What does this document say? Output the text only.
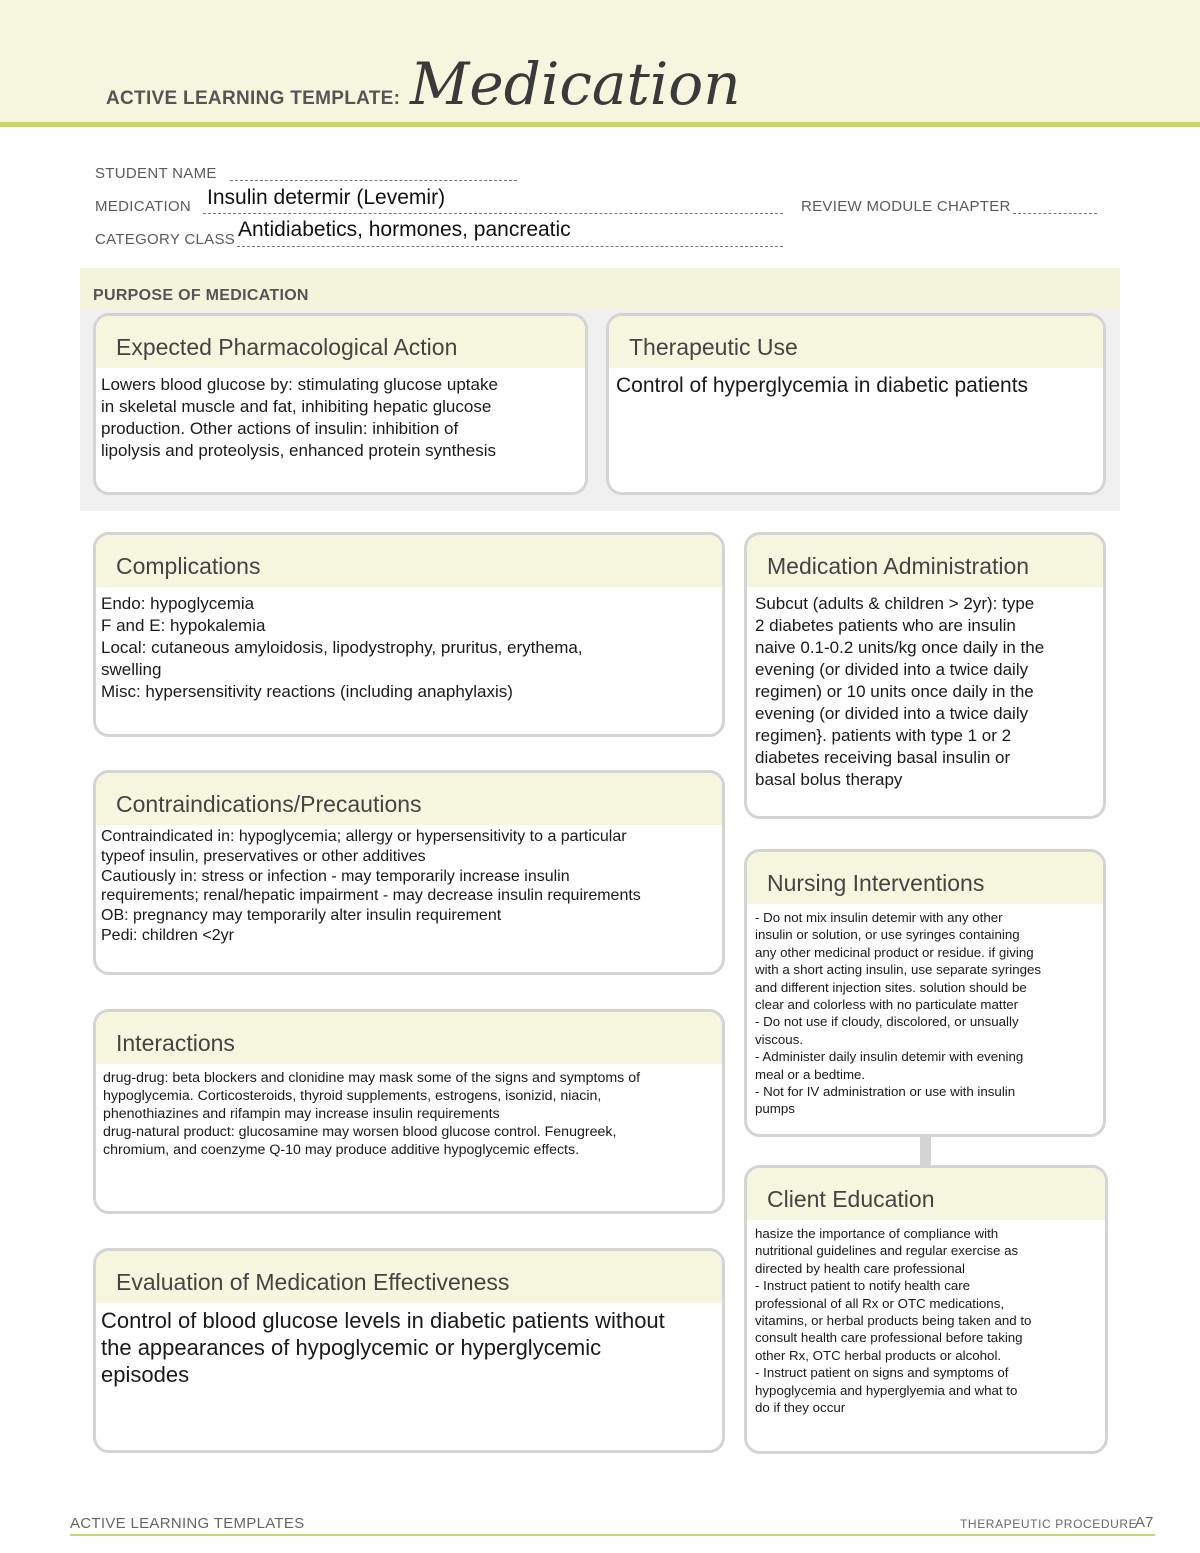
ACTIVE LEARNING TEMPLATE: Medication
STUDENT NAME
MEDICATION Insulin determir (Levemir)	REVIEW MODULE CHAPTER
CATEGORY CLASS Antidiabetics, hormones, pancreatic
PURPOSE OF MEDICATION
Expected Pharmacological Action
Lowers blood glucose by: stimulating glucose uptake
in skeletal muscle and fat, inhibiting hepatic glucose
production. Other actions of insulin: inhibition of
lipolysis and proteolysis, enhanced protein synthesis
Therapeutic Use
Control of hyperglycemia in diabetic patients
Complications
Endo: hypoglycemia
F and E: hypokalemia
Local: cutaneous amyloidosis, lipodystrophy, pruritus, erythema,
swelling
Misc: hypersensitivity reactions (including anaphylaxis)
Medication Administration
Subcut (adults & children > 2yr): type
2 diabetes patients who are insulin
naive 0.1-0.2 units/kg once daily in the
evening (or divided into a twice daily
regimen) or 10 units once daily in the
evening (or divided into a twice daily
regimen}. patients with type 1 or 2
diabetes receiving basal insulin or
basal bolus therapy
Contraindications/Precautions
Contraindicated in: hypoglycemia; allergy or hypersensitivity to a particular
typeof insulin, preservatives or other additives
Cautiously in: stress or infection - may temporarily increase insulin
requirements; renal/hepatic impairment - may decrease insulin requirements
OB: pregnancy may temporarily alter insulin requirement
Pedi: children <2yr
Nursing Interventions
- Do not mix insulin detemir with any other
insulin or solution, or use syringes containing
any other medicinal product or residue. if giving
with a short acting insulin, use separate syringes
and different injection sites. solution should be
clear and colorless with no particulate matter
- Do not use if cloudy, discolored, or unsually
viscous.
- Administer daily insulin detemir with evening
meal or a bedtime.
- Not for IV administration or use with insulin
pumps
Interactions
drug-drug: beta blockers and clonidine may mask some of the signs and symptoms of
hypoglycemia. Corticosteroids, thyroid supplements, estrogens, isonizid, niacin,
phenothiazines and rifampin may increase insulin requirements
drug-natural product: glucosamine may worsen blood glucose control. Fenugreek,
chromium, and coenzyme Q-10 may produce additive hypoglycemic effects.
Client Education
hasize the importance of compliance with
nutritional guidelines and regular exercise as
directed by health care professional
- Instruct patient to notify health care
professional of all Rx or OTC medications,
vitamins, or herbal products being taken and to
consult health care professional before taking
other Rx, OTC herbal products or alcohol.
- Instruct patient on signs and symptoms of
hypoglycemia and hyperglyemia and what to
do if they occur
Evaluation of Medication Effectiveness
Control of blood glucose levels in diabetic patients without
the appearances of hypoglycemic or hyperglycemic
episodes
ACTIVE LEARNING TEMPLATES	THERAPEUTIC PROCEDURE
A7
